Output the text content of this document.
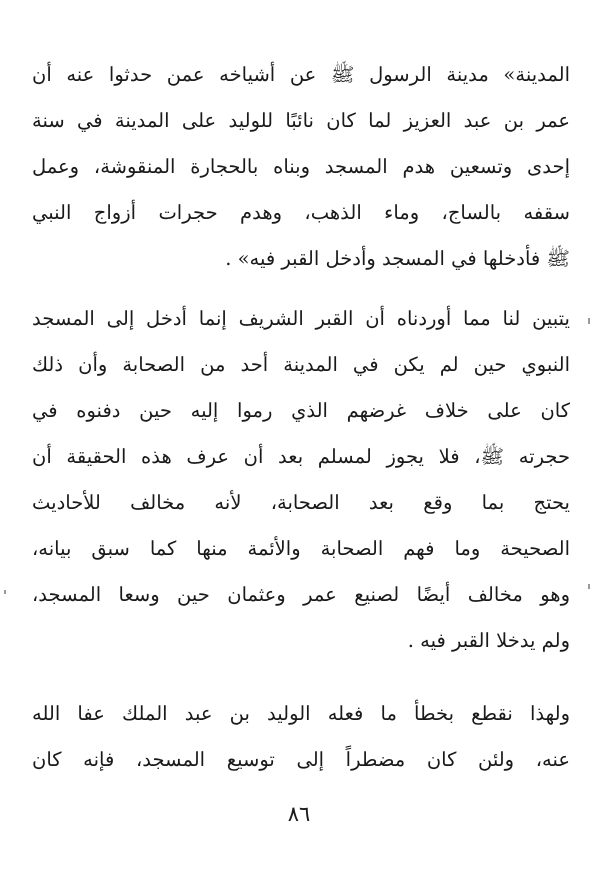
المدينة» مدينة الرسول ﷺ عن أشياخه عمن حدثوا عنه أن
عمر بن عبد العزيز لما كان نائبًا للوليد على المدينة في سنة
إحدى وتسعين هدم المسجد وبناه بالحجارة المنقوشة، وعمل
سقفه بالساج، وماء الذهب، وهدم حجرات أزواج النبي
ﷺ فأدخلها في المسجد وأدخل القبر فيه» .
يتبين لنا مما أوردناه أن القبر الشريف إنما أدخل إلى المسجد
النبوي حين لم يكن في المدينة أحد من الصحابة وأن ذلك
كان على خلاف غرضهم الذي رموا إليه حين دفنوه في
حجرته ﷺ، فلا يجوز لمسلم بعد أن عرف هذه الحقيقة أن
يحتج بما وقع بعد الصحابة، لأنه مخالف للأحاديث
الصحيحة وما فهم الصحابة والأئمة منها كما سبق بيانه،
وهو مخالف أيضًا لصنيع عمر وعثمان حين وسعا المسجد،
ولم يدخلا القبر فيه .
ولهذا نقطع بخطأ ما فعله الوليد بن عبد الملك عفا الله
عنه، ولئن كان مضطراً إلى توسيع المسجد، فإنه كان
٨٦
